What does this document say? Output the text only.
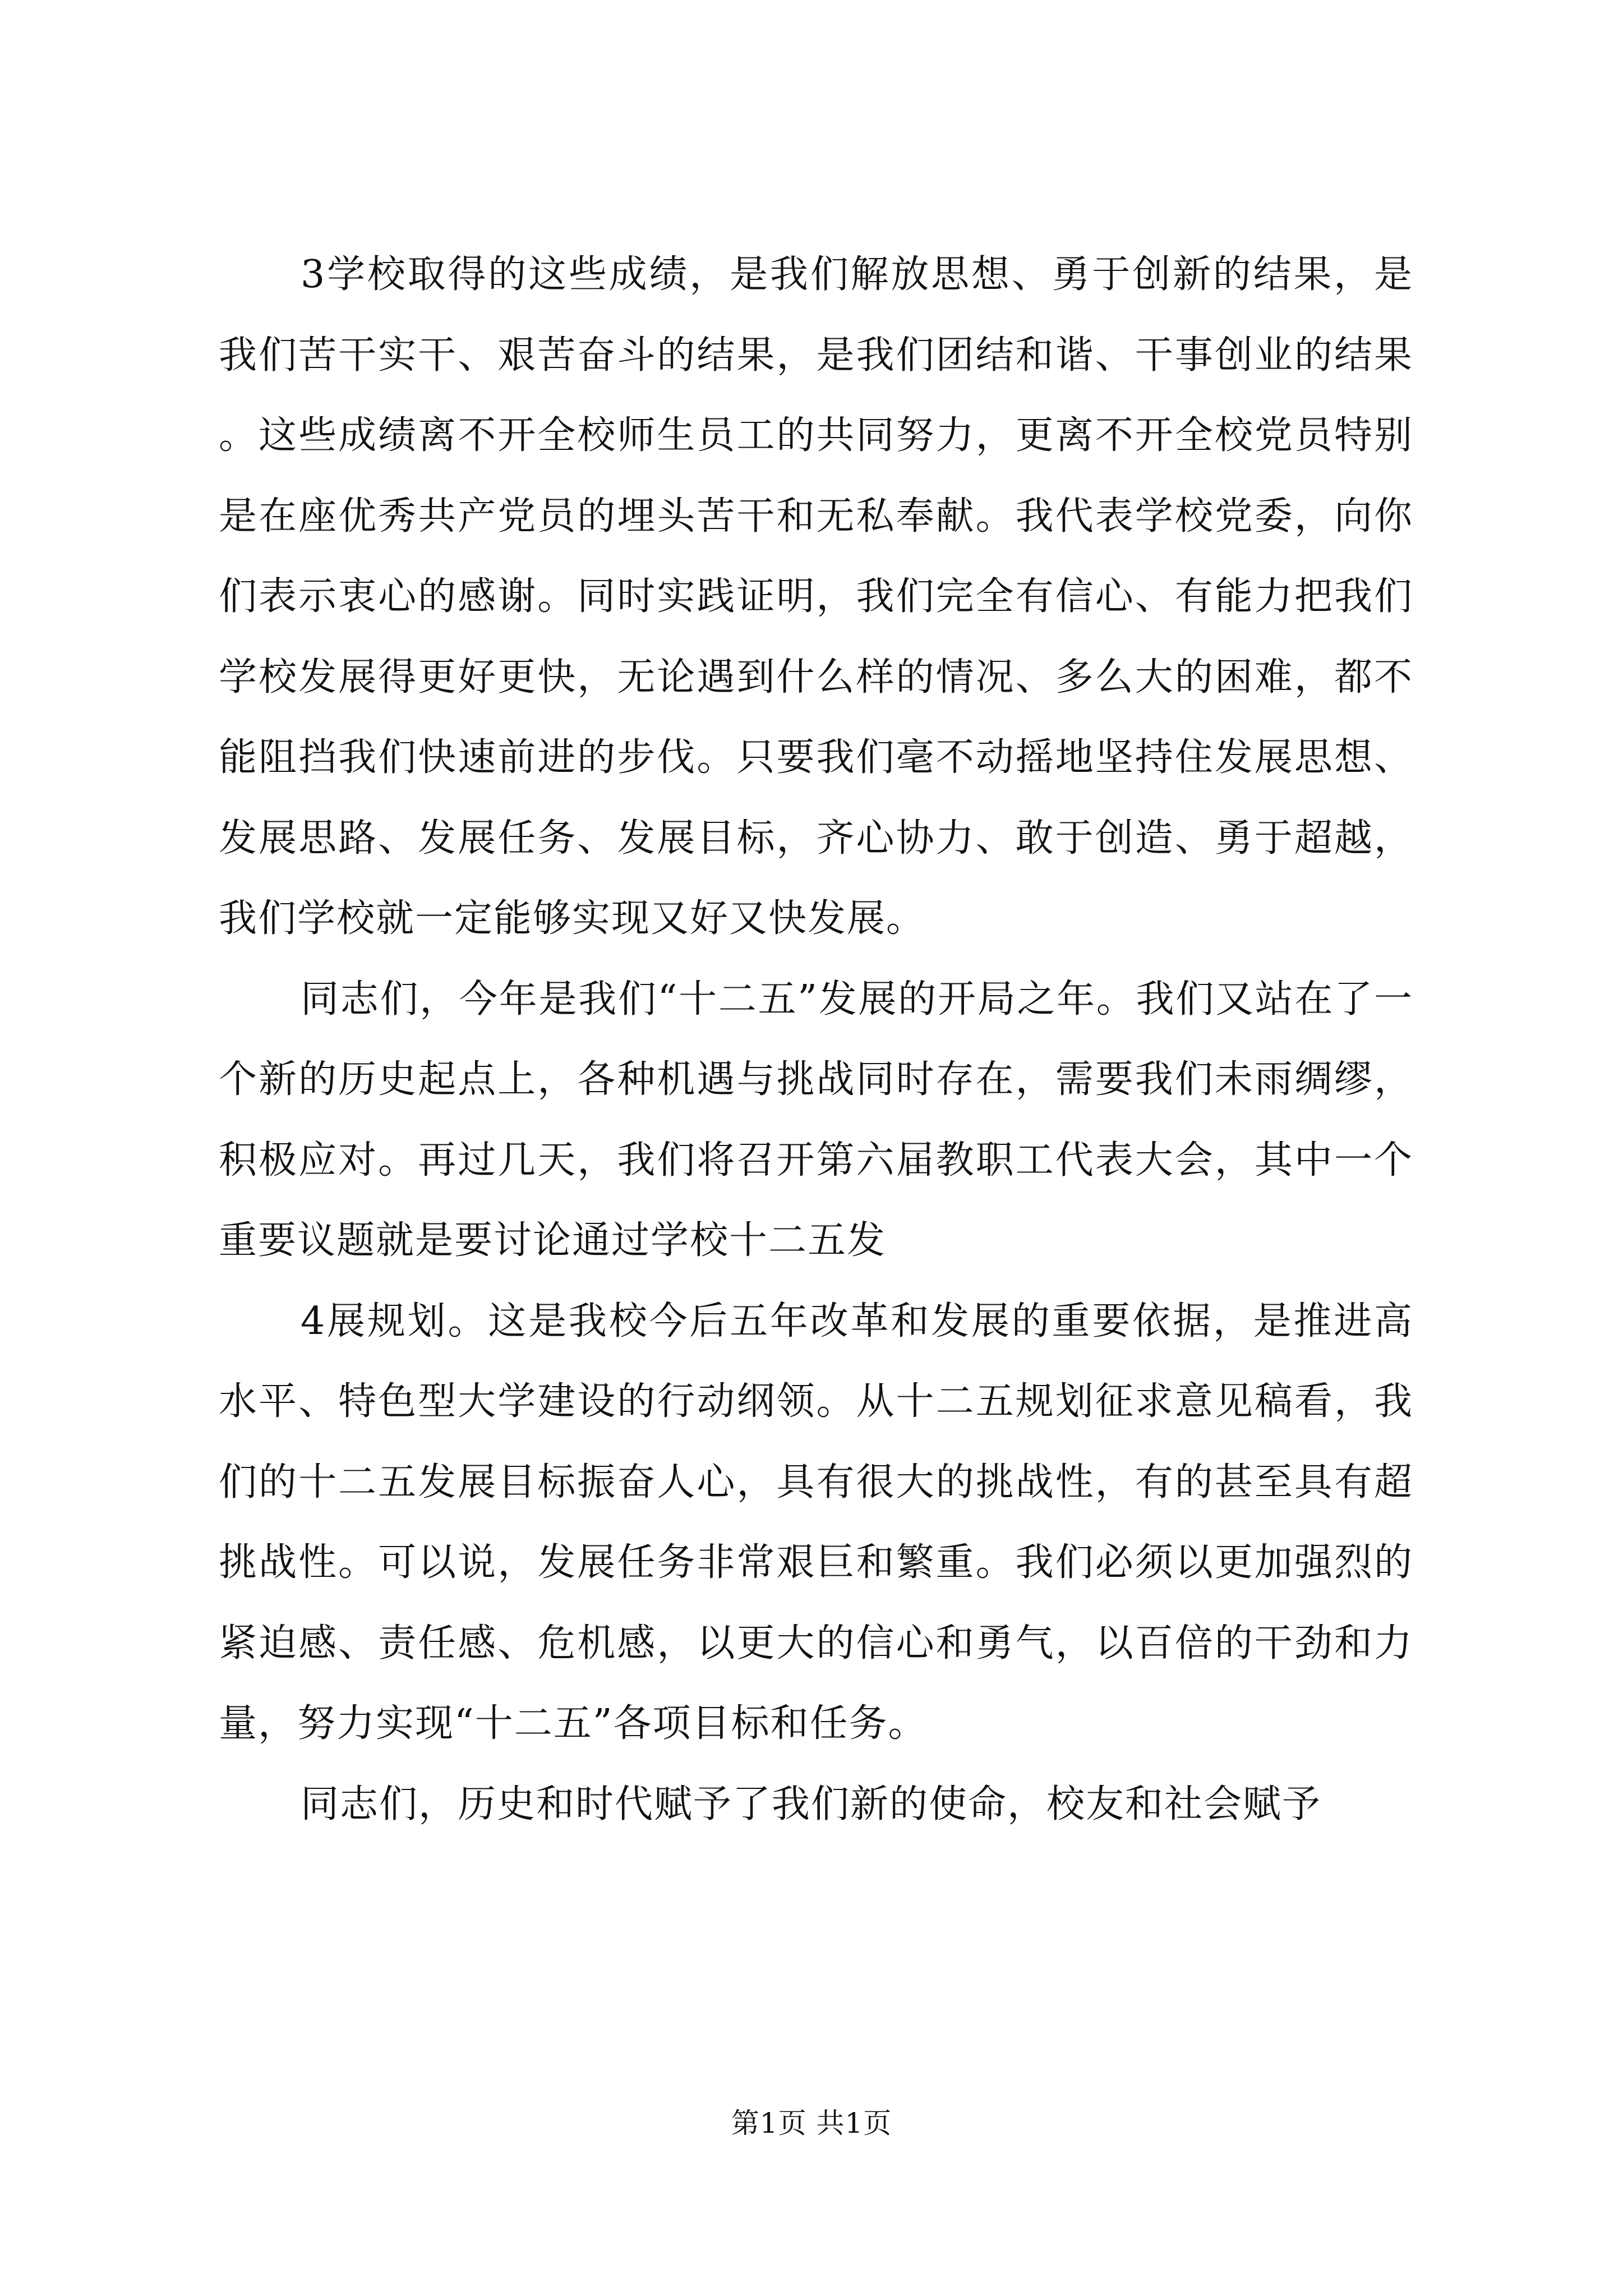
3学校取得的这些成绩，是我们解放思想、勇于创新的结果，是我们苦干实干、艰苦奋斗的结果，是我们团结和谐、干事创业的结果。这些成绩离不开全校师生员工的共同努力，更离不开全校党员特别是在座优秀共产党员的埋头苦干和无私奉献。我代表学校党委，向你们表示衷心的感谢。同时实践证明，我们完全有信心、有能力把我们学校发展得更好更快，无论遇到什么样的情况、多么大的困难，都不能阻挡我们快速前进的步伐。只要我们毫不动摇地坚持住发展思想、发展思路、发展任务、发展目标，齐心协力、敢于创造、勇于超越，我们学校就一定能够实现又好又快发展。

同志们，今年是我们“十二五”发展的开局之年。我们又站在了一个新的历史起点上，各种机遇与挑战同时存在，需要我们未雨绸缪，积极应对。再过几天，我们将召开第六届教职工代表大会，其中一个重要议题就是要讨论通过学校十二五发

4展规划。这是我校今后五年改革和发展的重要依据，是推进高水平、特色型大学建设的行动纲领。从十二五规划征求意见稿看，我们的十二五发展目标振奋人心，具有很大的挑战性，有的甚至具有超挑战性。可以说，发展任务非常艰巨和繁重。我们必须以更加强烈的紧迫感、责任感、危机感，以更大的信心和勇气，以百倍的干劲和力量，努力实现“十二五”各项目标和任务。

同志们，历史和时代赋予了我们新的使命，校友和社会赋予

第1页 共1页
